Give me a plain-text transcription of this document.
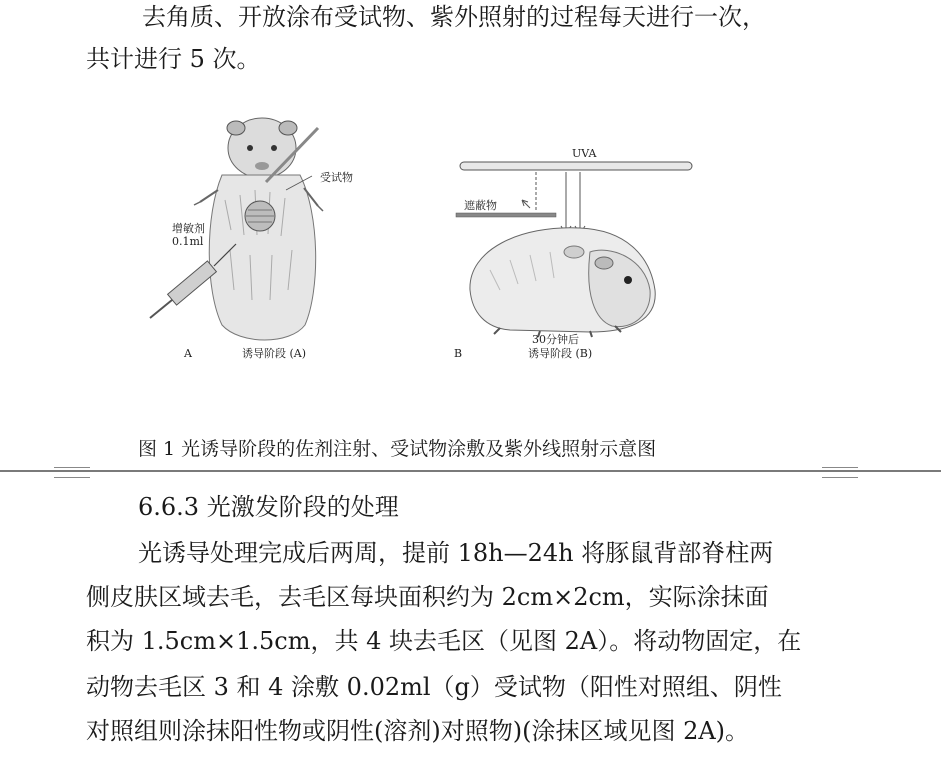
去角质、开放涂布受试物、紫外照射的过程每天进行一次，
共计进行 5 次。
受试物
增敏剂
0.1ml
A	诱导阶段 (A)
UVA
遮蔽物
30分钟后
B	诱导阶段 (B)
图 1 光诱导阶段的佐剂注射、受试物涂敷及紫外线照射示意图
6.6.3 光激发阶段的处理
光诱导处理完成后两周，提前 18h—24h 将豚鼠背部脊柱两
侧皮肤区域去毛，去毛区每块面积约为 2cm×2cm，实际涂抹面
积为 1.5cm×1.5cm，共 4 块去毛区（见图 2A）。将动物固定，在
动物去毛区 3 和 4 涂敷 0.02ml（g）受试物（阳性对照组、阴性
对照组则涂抹阳性物或阴性(溶剂)对照物)(涂抹区域见图 2A)。
